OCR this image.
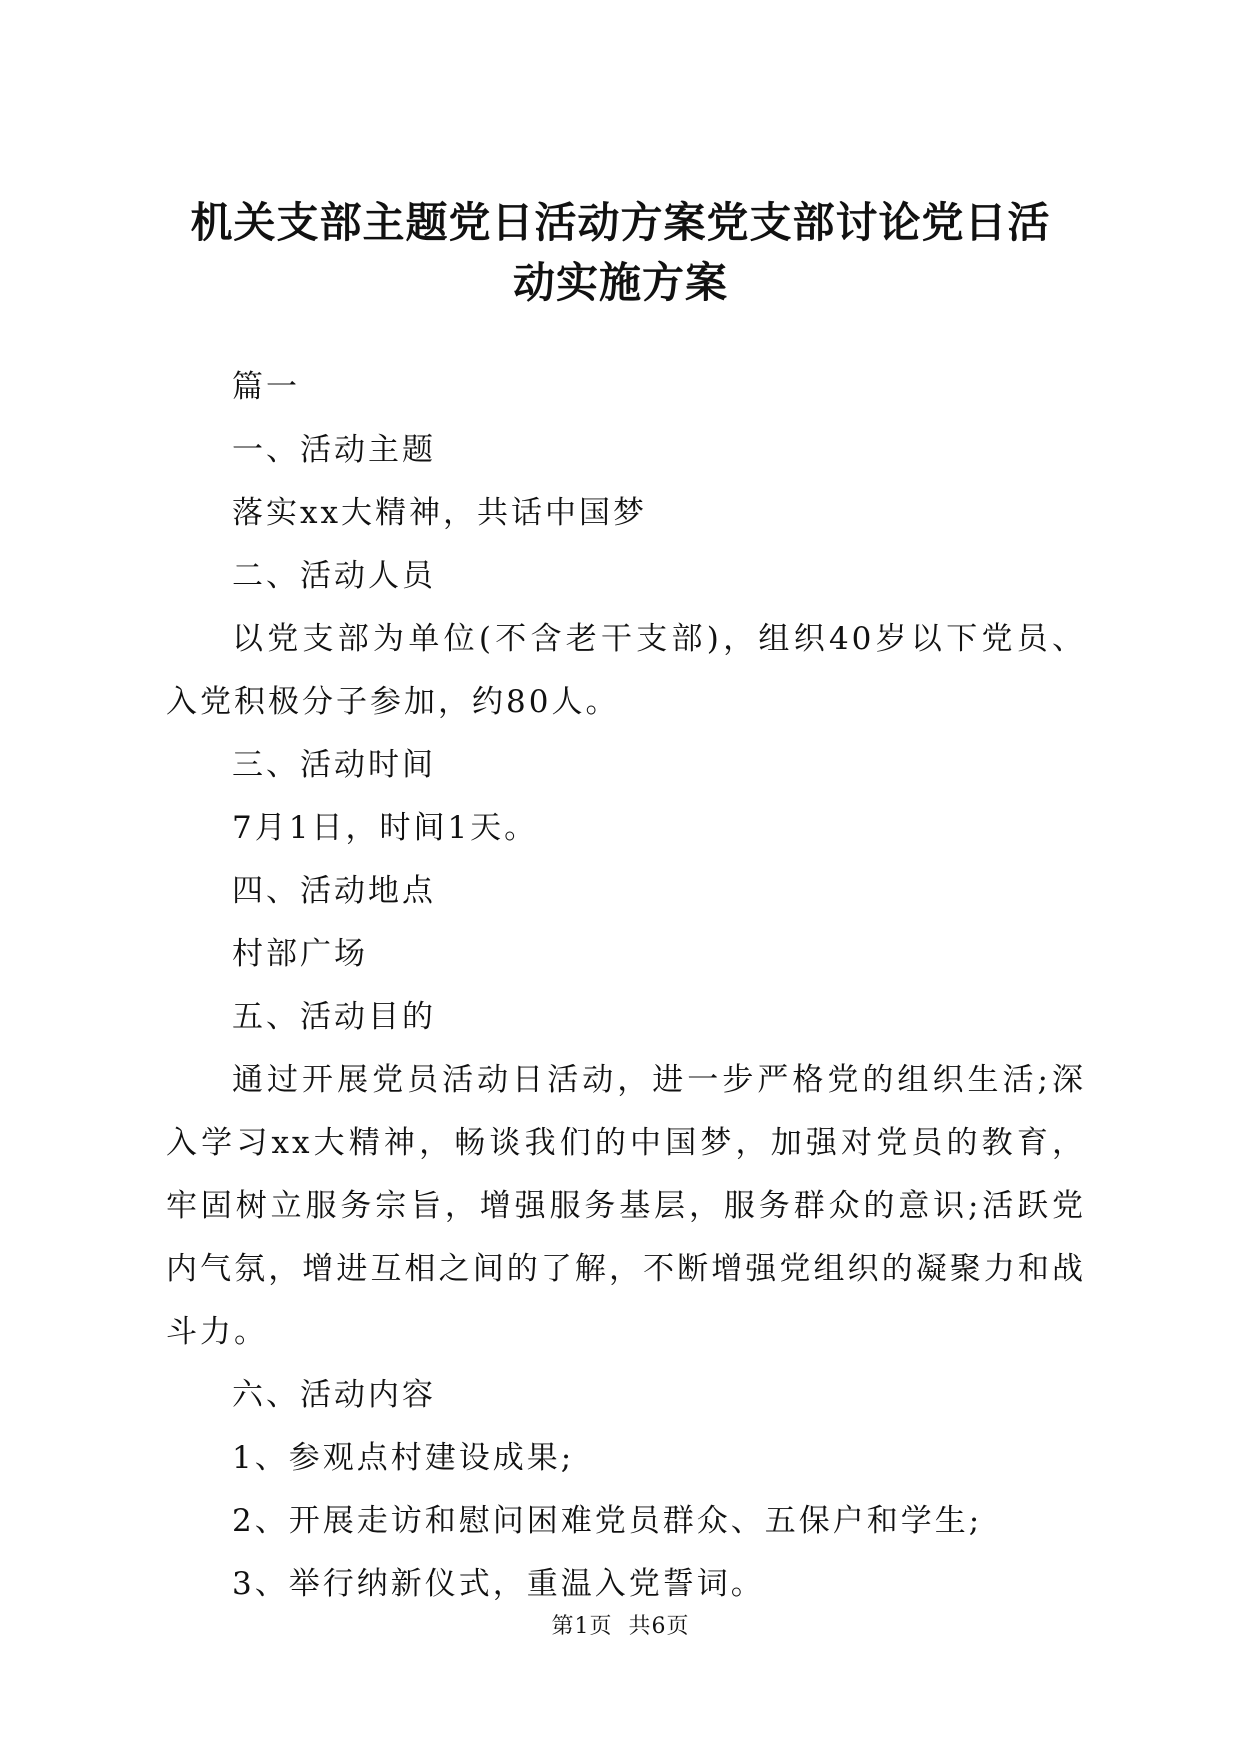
机关支部主题党日活动方案党支部讨论党日活
动实施方案

篇一

一、活动主题

落实xx大精神，共话中国梦

二、活动人员

以党支部为单位(不含老干支部)，组织40岁以下党员、入党积极分子参加，约80人。

三、活动时间

7月1日，时间1天。

四、活动地点

村部广场

五、活动目的

通过开展党员活动日活动，进一步严格党的组织生活;深入学习xx大精神，畅谈我们的中国梦，加强对党员的教育，牢固树立服务宗旨，增强服务基层，服务群众的意识;活跃党内气氛，增进互相之间的了解，不断增强党组织的凝聚力和战斗力。

六、活动内容

1、参观点村建设成果;

2、开展走访和慰问困难党员群众、五保户和学生;

3、举行纳新仪式，重温入党誓词。

第1页 共6页
